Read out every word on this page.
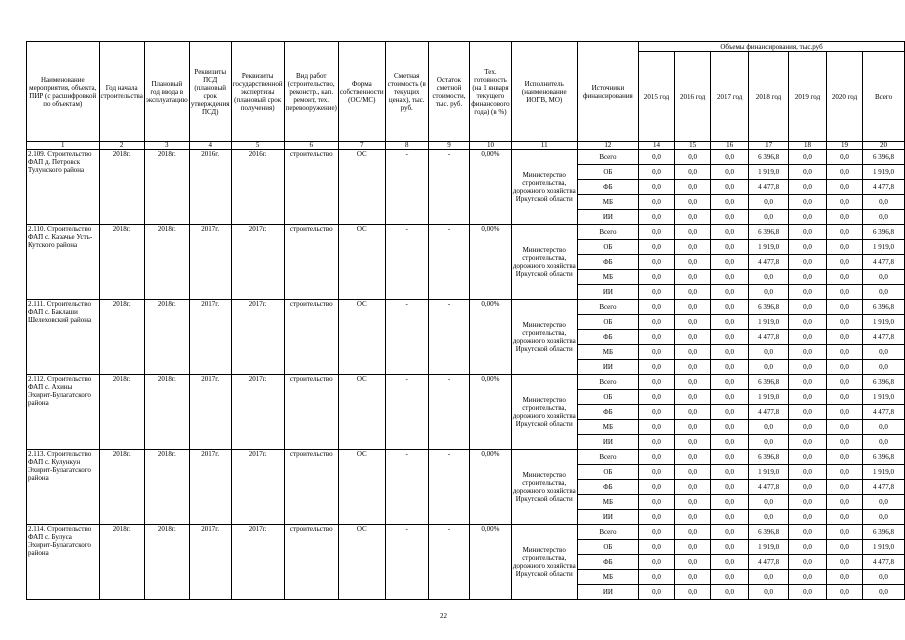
Наименование мероприятия, объекта, ПИР (с расшифровкой по объектам)	Год начала строительства	Плановый год ввода в эксплуатацию	Реквизиты ПСД (плановый срок утверждения ПСД)	Реквизиты государственной экспертизы (плановый срок получения)	Вид работ (строительство, реконстр., кап. ремонт, тех. перевооружение)	Форма собственности (ОС/МС)	Сметная стоимость (в текущих ценах), тыс. руб.	Остаток сметной стоимости, тыс. руб.	Тех. готовность (на 1 января текущего финансового года) (в %)	Исполнитель (наименование ИОГВ, МО)	Источники финансирования	Объемы финансирования, тыс.руб						
												2015 год	2016 год	2017 год	2018 год	2019 год	2020 год	Всего
1	2	3	4	5	6	7	8	9	10	11	12	14	15	16	17	18	19	20
2.109. Строительство ФАП д. Петровск Тулунского района	2018г.	2018г.	2016г.	2016г.	строительство	ОС	-	-	0,00%	Министерство строительства, дорожного хозяйства Иркутской области	Всего	0,0	0,0	0,0	6 396,8	0,0	0,0	6 396,8
											ОБ	0,0	0,0	0,0	1 919,0	0,0	0,0	1 919,0
											ФБ	0,0	0,0	0,0	4 477,8	0,0	0,0	4 477,8
											МБ	0,0	0,0	0,0	0,0	0,0	0,0	0,0
											ИИ	0,0	0,0	0,0	0,0	0,0	0,0	0,0
2.110. Строительство ФАП с. Казачье Усть-Кутского района	2018г.	2018г.	2017г.	2017г.	строительство	ОС	-	-	0,00%	Министерство строительства, дорожного хозяйства Иркутской области	Всего	0,0	0,0	0,0	6 396,8	0,0	0,0	6 396,8
											ОБ	0,0	0,0	0,0	1 919,0	0,0	0,0	1 919,0
											ФБ	0,0	0,0	0,0	4 477,8	0,0	0,0	4 477,8
											МБ	0,0	0,0	0,0	0,0	0,0	0,0	0,0
											ИИ	0,0	0,0	0,0	0,0	0,0	0,0	0,0
2.111. Строительство ФАП с. Баклаши Шелеховский района	2018г.	2018г.	2017г.	2017г.	строительство	ОС	-	-	0,00%	Министерство строительства, дорожного хозяйства Иркутской области	Всего	0,0	0,0	0,0	6 396,8	0,0	0,0	6 396,8
											ОБ	0,0	0,0	0,0	1 919,0	0,0	0,0	1 919,0
											ФБ	0,0	0,0	0,0	4 477,8	0,0	0,0	4 477,8
											МБ	0,0	0,0	0,0	0,0	0,0	0,0	0,0
											ИИ	0,0	0,0	0,0	0,0	0,0	0,0	0,0
2.112. Строительство ФАП с. Ахины Эхирит-Булагатского района	2018г.	2018г.	2017г.	2017г.	строительство	ОС	-	-	0,00%	Министерство строительства, дорожного хозяйства Иркутской области	Всего	0,0	0,0	0,0	6 396,8	0,0	0,0	6 396,8
											ОБ	0,0	0,0	0,0	1 919,0	0,0	0,0	1 919,0
											ФБ	0,0	0,0	0,0	4 477,8	0,0	0,0	4 477,8
											МБ	0,0	0,0	0,0	0,0	0,0	0,0	0,0
											ИИ	0,0	0,0	0,0	0,0	0,0	0,0	0,0
2.113. Строительство ФАП с. Кулункун Эхирит-Булагатского района	2018г.	2018г.	2017г.	2017г.	строительство	ОС	-	-	0,00%	Министерство строительства, дорожного хозяйства Иркутской области	Всего	0,0	0,0	0,0	6 396,8	0,0	0,0	6 396,8
											ОБ	0,0	0,0	0,0	1 919,0	0,0	0,0	1 919,0
											ФБ	0,0	0,0	0,0	4 477,8	0,0	0,0	4 477,8
											МБ	0,0	0,0	0,0	0,0	0,0	0,0	0,0
											ИИ	0,0	0,0	0,0	0,0	0,0	0,0	0,0
2.114. Строительство ФАП с. Булуса Эхирит-Булагатского района	2018г.	2018г.	2017г.	2017г.	строительство	ОС	-	-	0,00%	Министерство строительства, дорожного хозяйства Иркутской области	Всего	0,0	0,0	0,0	6 396,8	0,0	0,0	6 396,8
											ОБ	0,0	0,0	0,0	1 919,0	0,0	0,0	1 919,0
											ФБ	0,0	0,0	0,0	4 477,8	0,0	0,0	4 477,8
											МБ	0,0	0,0	0,0	0,0	0,0	0,0	0,0
											ИИ	0,0	0,0	0,0	0,0	0,0	0,0	0,0
22
